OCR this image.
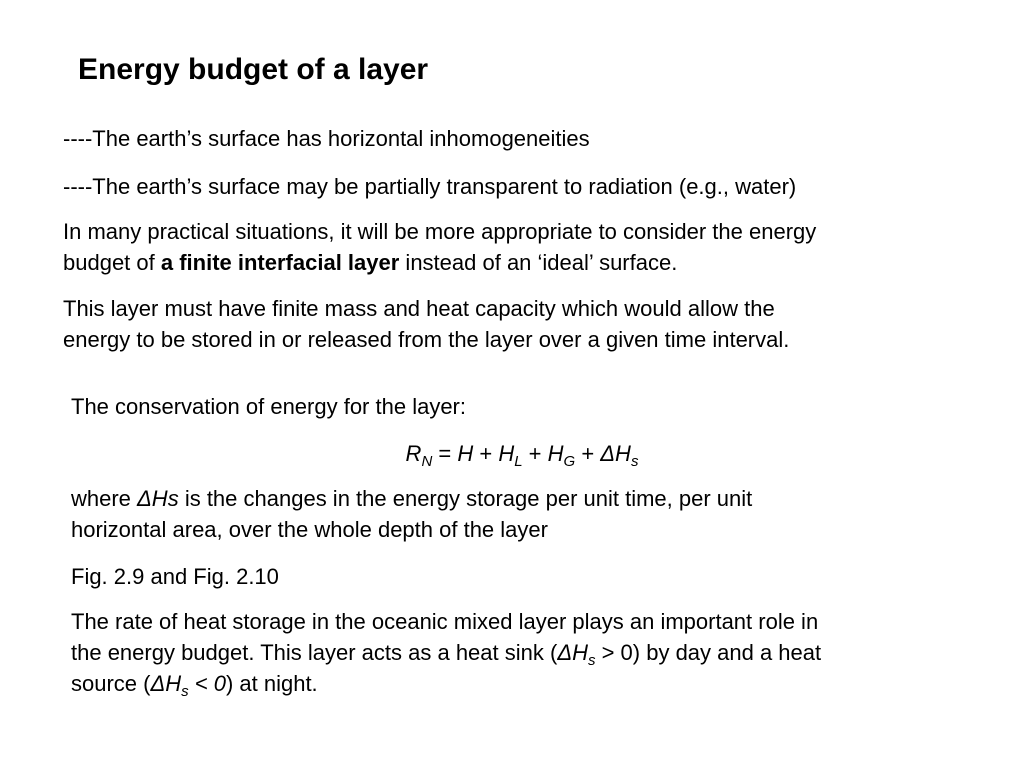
Energy budget of a layer
----The earth’s surface has horizontal inhomogeneities
----The earth’s surface may be partially transparent to radiation (e.g., water)
In many practical situations, it will be more appropriate to consider the energy
budget of a finite interfacial layer instead of an ‘ideal’ surface.
This layer must have finite mass and heat capacity which would allow the
energy to be stored in or released from the layer over a given time interval.
The conservation of energy for the layer:
$R_N = H + H_L + H_G + \Delta H_s$
where ΔHs is the changes in the energy storage per unit time, per unit
horizontal area, over the whole depth of the layer
Fig. 2.9 and Fig. 2.10
The rate of heat storage in the oceanic mixed layer plays an important role in
the energy budget. This layer acts as a heat sink $(\Delta H_s > 0)$ by day and a heat
source $(\Delta H_s < 0)$ at night.
